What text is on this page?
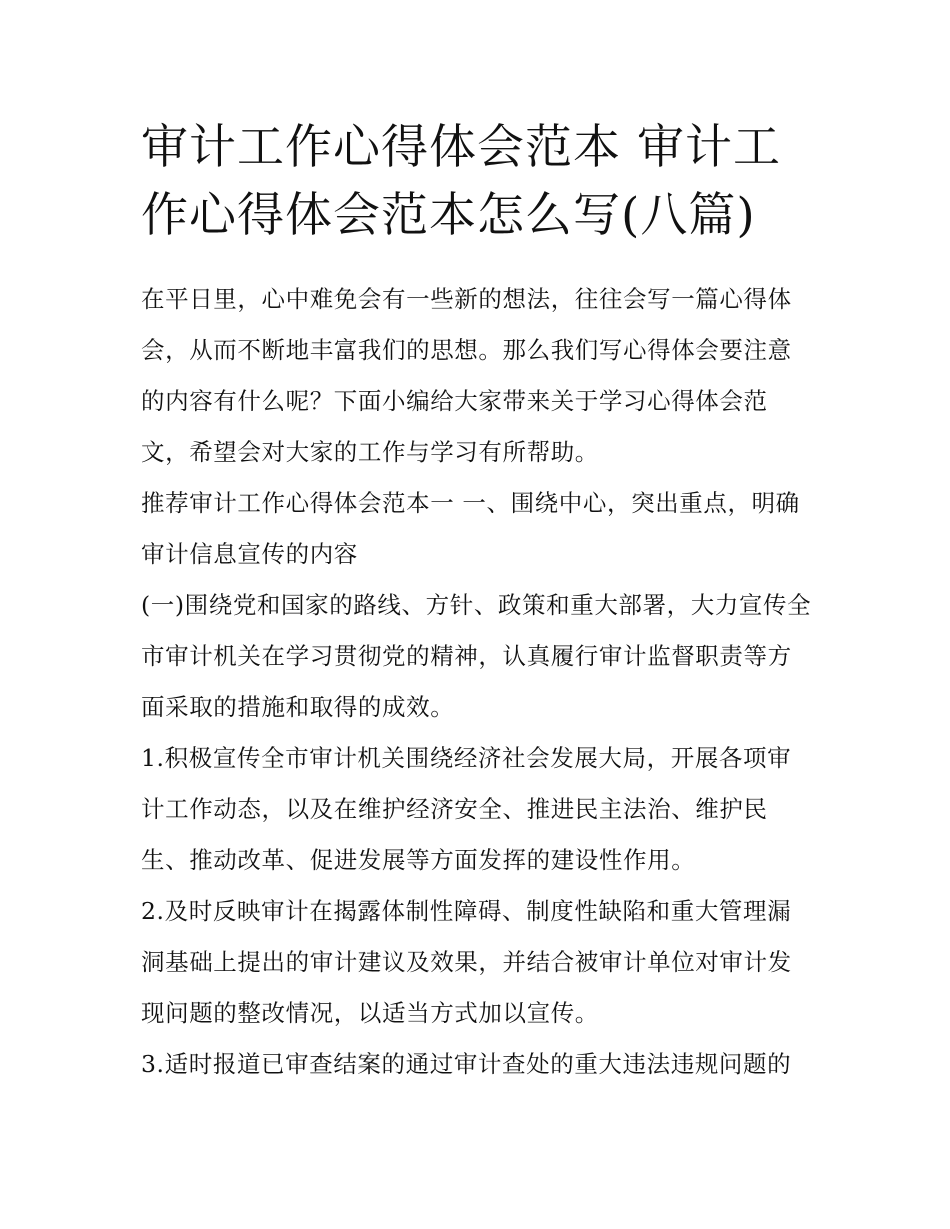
审计工作心得体会范本 审计工作心得体会范本怎么写(八篇)

在平日里，心中难免会有一些新的想法，往往会写一篇心得体会，从而不断地丰富我们的思想。那么我们写心得体会要注意的内容有什么呢？下面小编给大家带来关于学习心得体会范文，希望会对大家的工作与学习有所帮助。

推荐审计工作心得体会范本一 一、围绕中心，突出重点，明确审计信息宣传的内容

(一)围绕党和国家的路线、方针、政策和重大部署，大力宣传全市审计机关在学习贯彻党的精神，认真履行审计监督职责等方面采取的措施和取得的成效。

1.积极宣传全市审计机关围绕经济社会发展大局，开展各项审计工作动态，以及在维护经济安全、推进民主法治、维护民生、推动改革、促进发展等方面发挥的建设性作用。

2.及时反映审计在揭露体制性障碍、制度性缺陷和重大管理漏洞基础上提出的审计建议及效果，并结合被审计单位对审计发现问题的整改情况，以适当方式加以宣传。

3.适时报道已审查结案的通过审计查处的重大违法违规问题的
